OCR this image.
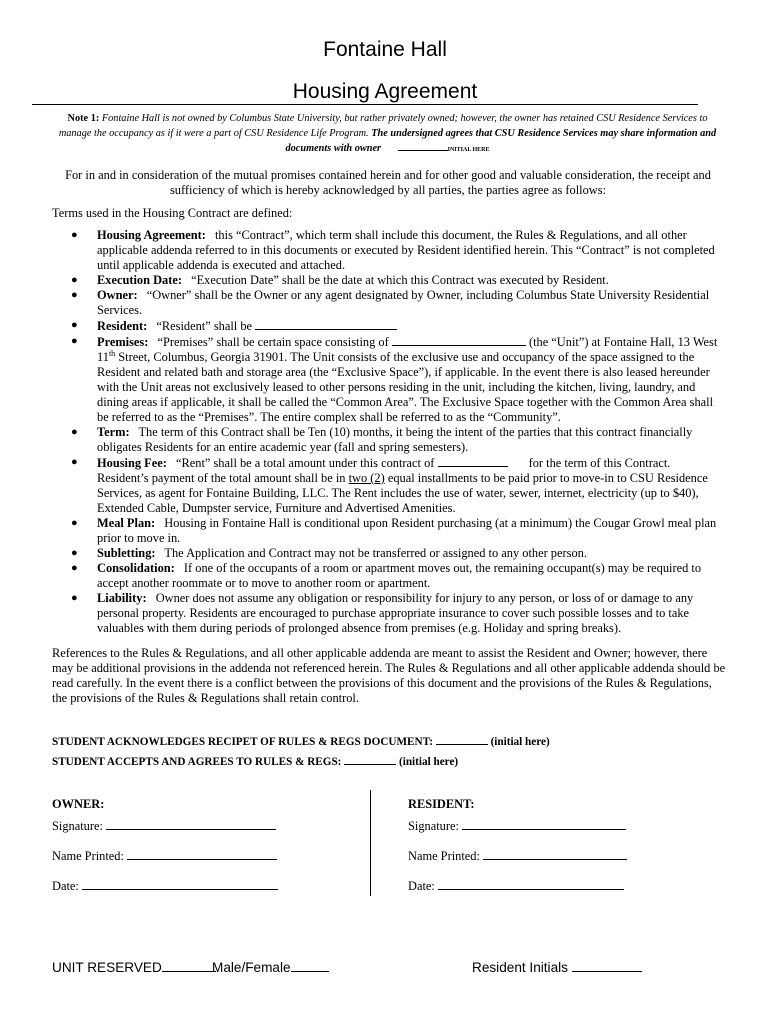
Fontaine Hall
Housing Agreement
Note 1: Fontaine Hall is not owned by Columbus State University, but rather privately owned; however, the owner has retained CSU Residence Services to manage the occupancy as if it were a part of CSU Residence Life Program. The undersigned agrees that CSU Residence Services may share information and documents with owner	INITIAL HERE
For in and in consideration of the mutual promises contained herein and for other good and valuable consideration, the receipt and sufficiency of which is hereby acknowledged by all parties, the parties agree as follows:
Terms used in the Housing Contract are defined:
● Housing Agreement: this “Contract”, which term shall include this document, the Rules & Regulations, and all other applicable addenda referred to in this documents or executed by Resident identified herein. This “Contract” is not completed until applicable addenda is executed and attached.
● Execution Date: “Execution Date” shall be the date at which this Contract was executed by Resident.
● Owner: “Owner” shall be the Owner or any agent designated by Owner, including Columbus State University Residential Services.
● Resident: “Resident” shall be
● Premises: “Premises” shall be certain space consisting of	(the “Unit”) at Fontaine Hall, 13 West 11th Street, Columbus, Georgia 31901. The Unit consists of the exclusive use and occupancy of the space assigned to the Resident and related bath and storage area (the “Exclusive Space”), if applicable. In the event there is also leased hereunder with the Unit areas not exclusively leased to other persons residing in the unit, including the kitchen, living, laundry, and dining areas if applicable, it shall be called the “Common Area”. The Exclusive Space together with the Common Area shall be referred to as the “Premises”. The entire complex shall be referred to as the “Community”.
● Term: The term of this Contract shall be Ten (10) months, it being the intent of the parties that this contract financially obligates Residents for an entire academic year (fall and spring semesters).
● Housing Fee: “Rent” shall be a total amount under this contract of	for the term of this Contract. Resident’s payment of the total amount shall be in two (2) equal installments to be paid prior to move-in to CSU Residence Services, as agent for Fontaine Building, LLC. The Rent includes the use of water, sewer, internet, electricity (up to $40), Extended Cable, Dumpster service, Furniture and Advertised Amenities.
● Meal Plan: Housing in Fontaine Hall is conditional upon Resident purchasing (at a minimum) the Cougar Growl meal plan prior to move in.
● Subletting: The Application and Contract may not be transferred or assigned to any other person.
● Consolidation: If one of the occupants of a room or apartment moves out, the remaining occupant(s) may be required to accept another roommate or to move to another room or apartment.
● Liability: Owner does not assume any obligation or responsibility for injury to any person, or loss of or damage to any personal property. Residents are encouraged to purchase appropriate insurance to cover such possible losses and to take valuables with them during periods of prolonged absence from premises (e.g. Holiday and spring breaks).
References to the Rules & Regulations, and all other applicable addenda are meant to assist the Resident and Owner; however, there may be additional provisions in the addenda not referenced herein. The Rules & Regulations and all other applicable addenda should be read carefully. In the event there is a conflict between the provisions of this document and the provisions of the Rules & Regulations, the provisions of the Rules & Regulations shall retain control.
STUDENT ACKNOWLEDGES RECIPET OF RULES & REGS DOCUMENT:	(initial here)
STUDENT ACCEPTS AND AGREES TO RULES & REGS:	(initial here)
OWNER:
Signature:
Name Printed:
Date:
RESIDENT:
Signature:
Name Printed:
Date:
UNIT RESERVED	Male/Female	Resident Initials
